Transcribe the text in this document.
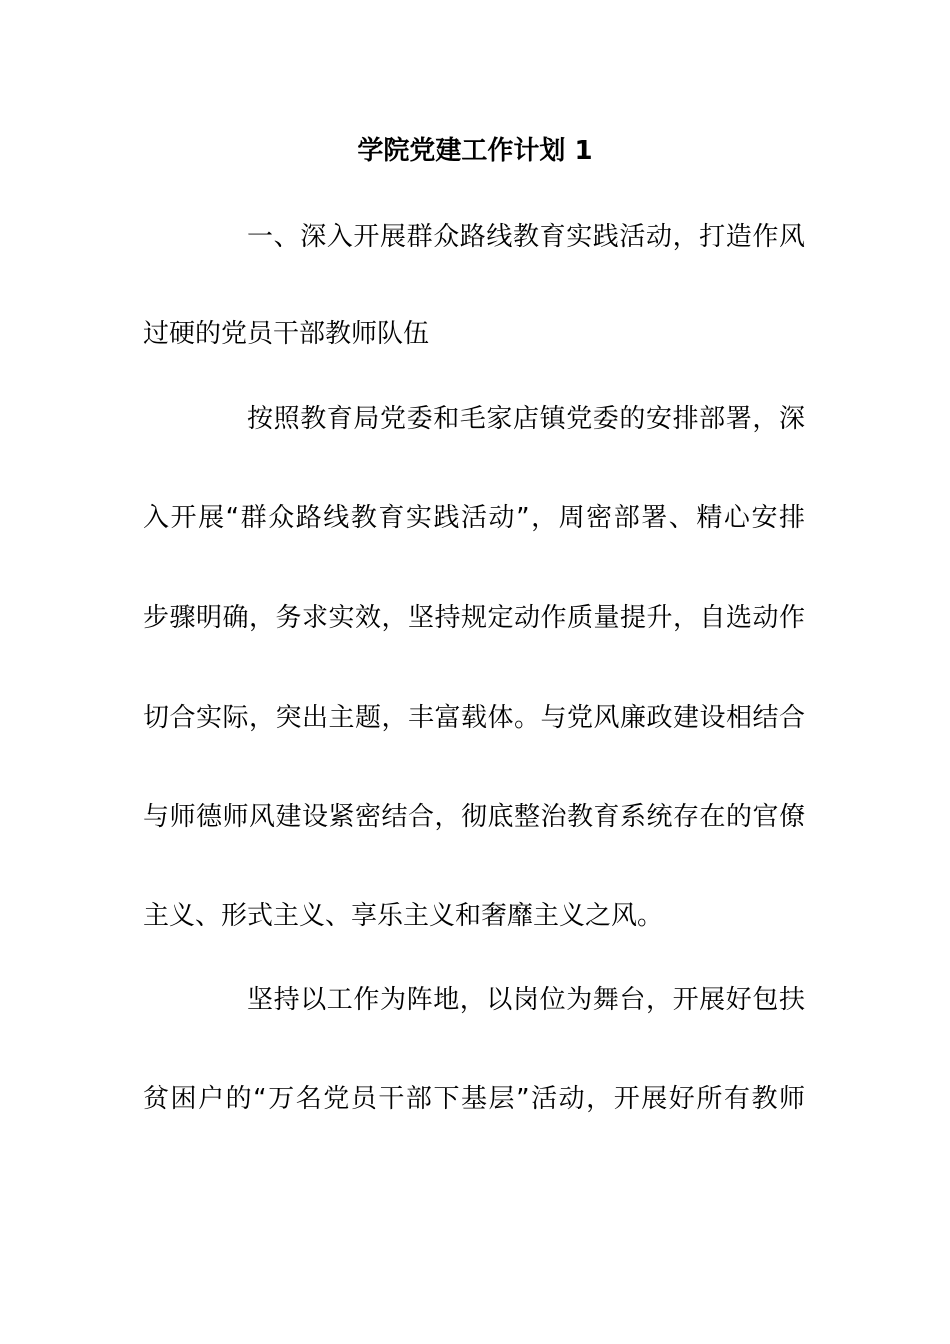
学院党建工作计划 1
一、深入开展群众路线教育实践活动，打造作风
过硬的党员干部教师队伍
按照教育局党委和毛家店镇党委的安排部署，深
入开展“群众路线教育实践活动”，周密部署、精心安排
步骤明确，务求实效，坚持规定动作质量提升，自选动作
切合实际，突出主题，丰富载体。与党风廉政建设相结合
与师德师风建设紧密结合，彻底整治教育系统存在的官僚
主义、形式主义、享乐主义和奢靡主义之风。
坚持以工作为阵地，以岗位为舞台，开展好包扶
贫困户的“万名党员干部下基层”活动，开展好所有教师
